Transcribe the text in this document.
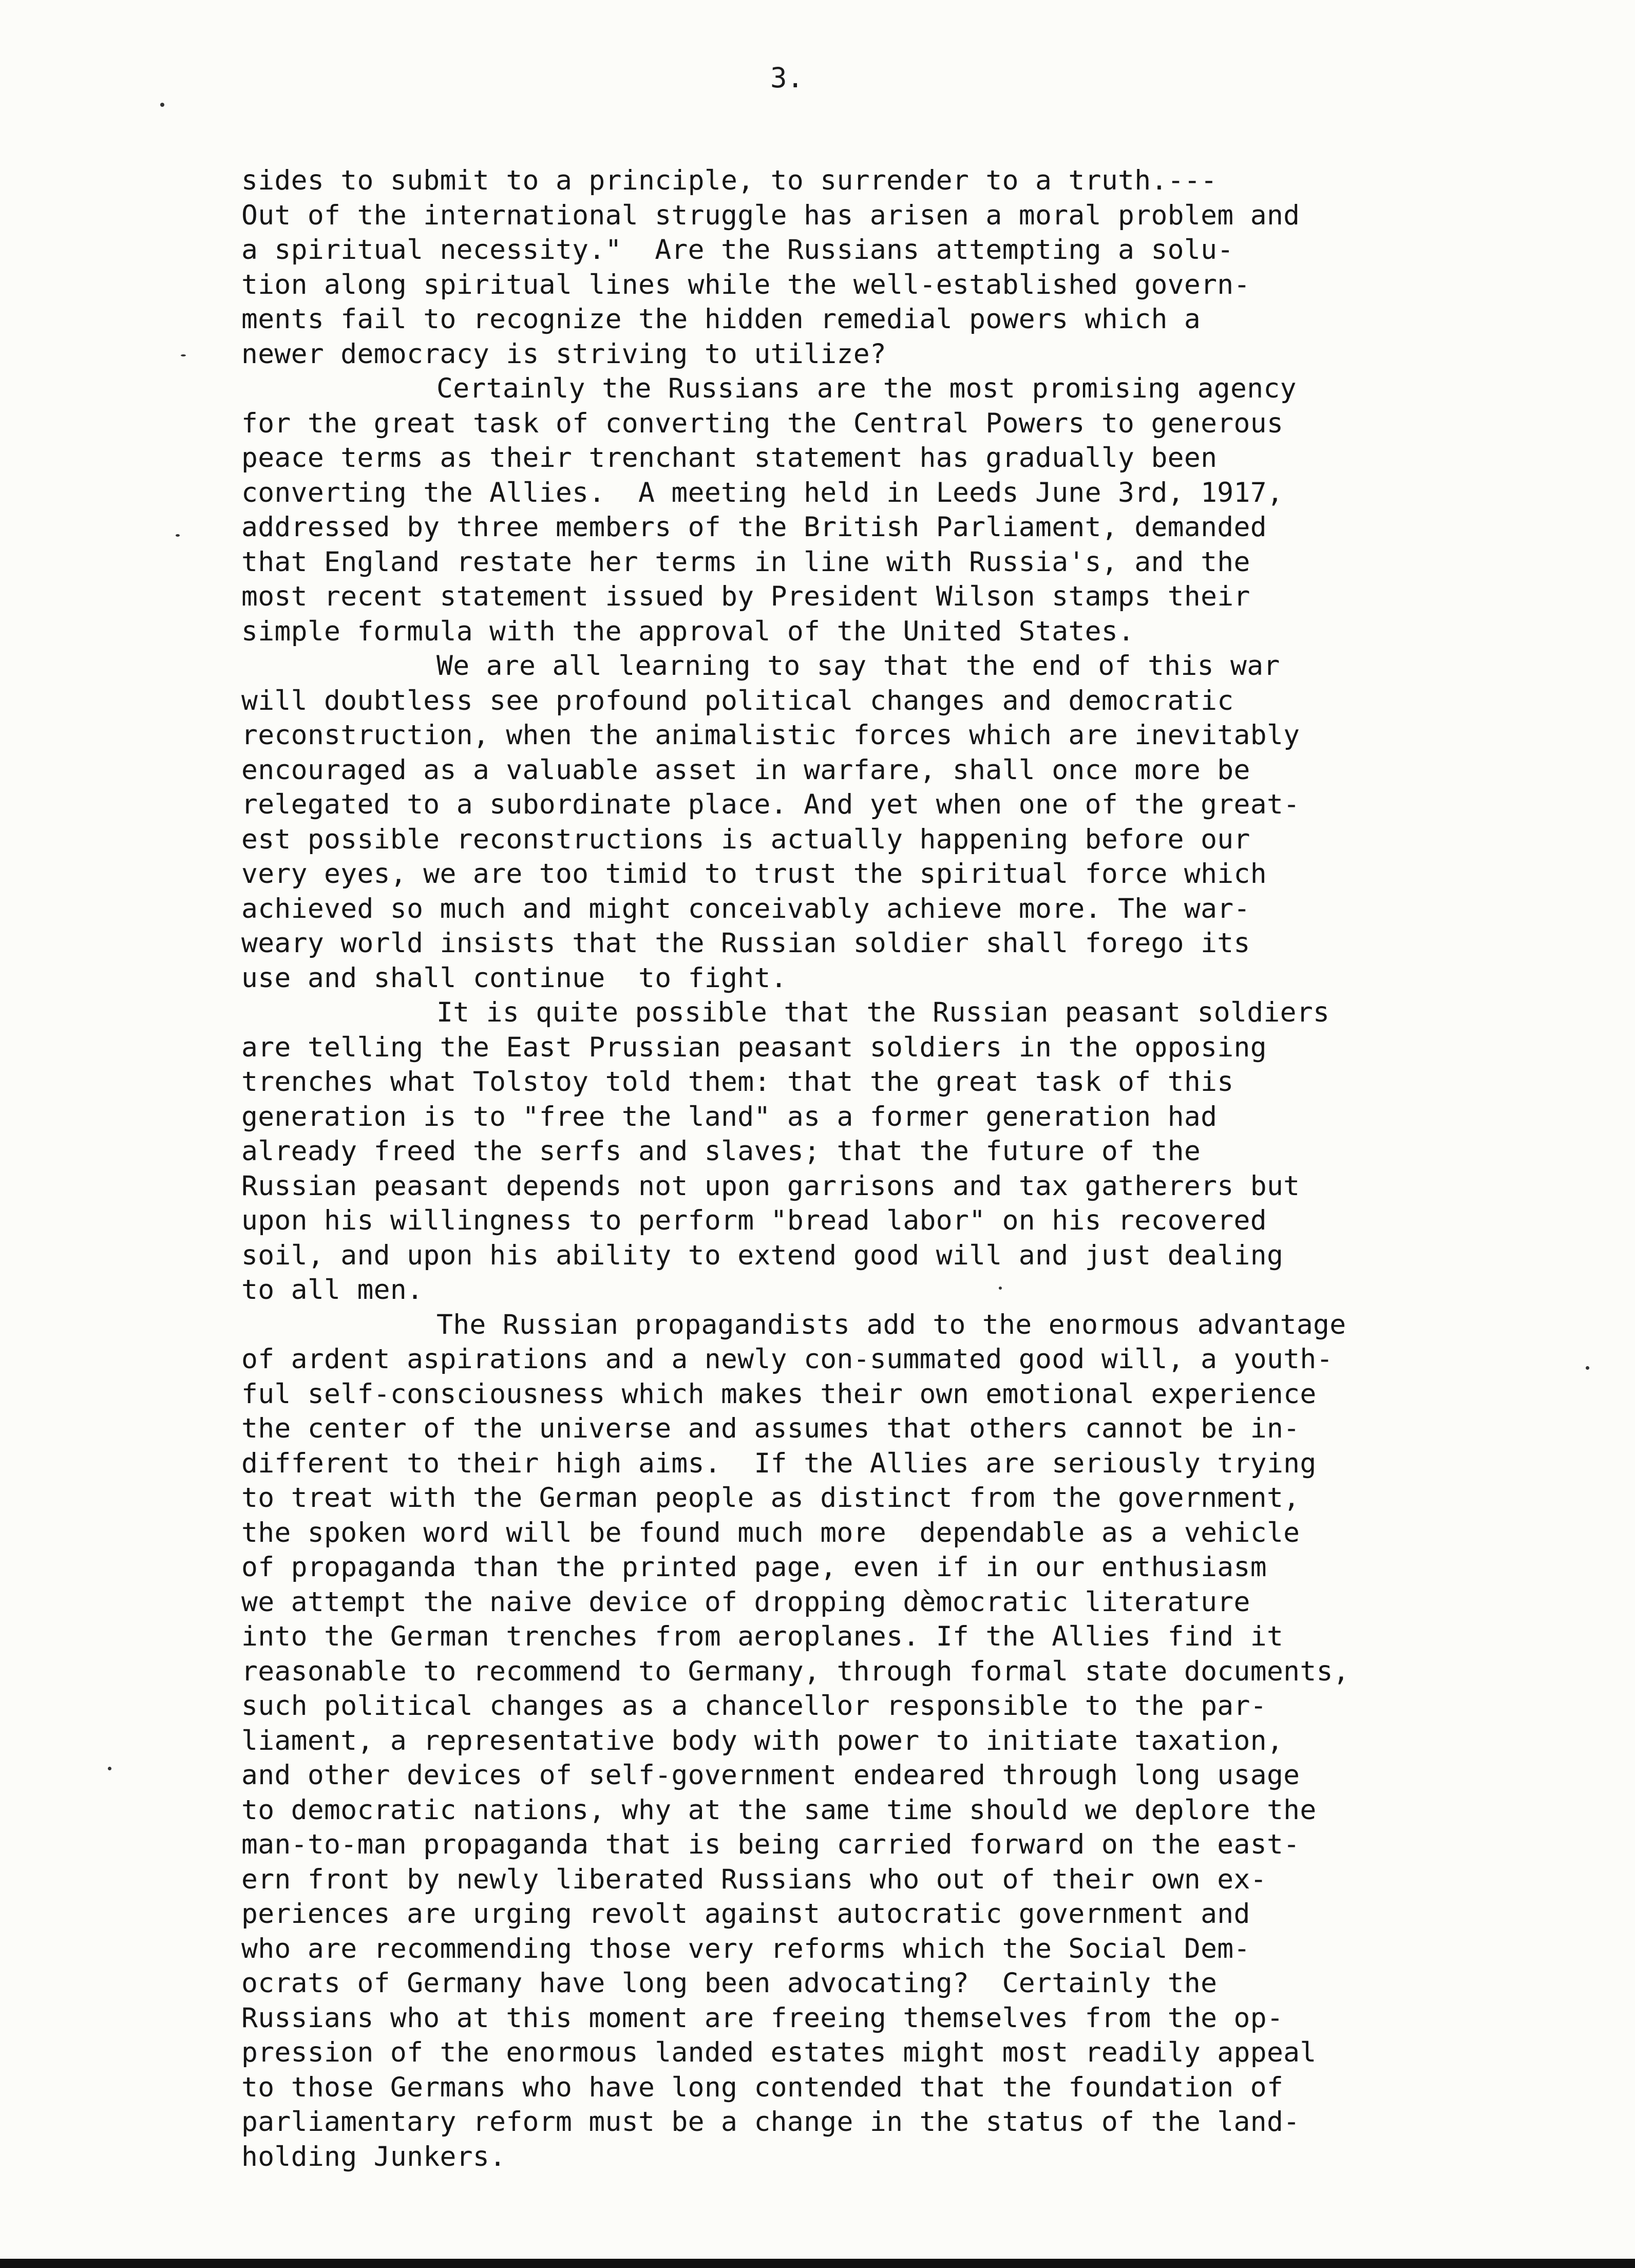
3.
sides to submit to a principle, to surrender to a truth.---
Out of the international struggle has arisen a moral problem and
a spiritual necessity."  Are the Russians attempting a solu-
tion along spiritual lines while the well-established govern-
ments fail to recognize the hidden remedial powers which a
newer democracy is striving to utilize?
Certainly the Russians are the most promising agency
for the great task of converting the Central Powers to generous
peace terms as their trenchant statement has gradually been
converting the Allies.  A meeting held in Leeds June 3rd, 1917,
addressed by three members of the British Parliament, demanded
that England restate her terms in line with Russia's, and the
most recent statement issued by President Wilson stamps their
simple formula with the approval of the United States.
We are all learning to say that the end of this war
will doubtless see profound political changes and democratic
reconstruction, when the animalistic forces which are inevitably
encouraged as a valuable asset in warfare, shall once more be
relegated to a subordinate place. And yet when one of the great-
est possible reconstructions is actually happening before our
very eyes, we are too timid to trust the spiritual force which
achieved so much and might conceivably achieve more. The war-
weary world insists that the Russian soldier shall forego its
use and shall continue  to fight.
It is quite possible that the Russian peasant soldiers
are telling the East Prussian peasant soldiers in the opposing
trenches what Tolstoy told them: that the great task of this
generation is to "free the land" as a former generation had
already freed the serfs and slaves; that the future of the
Russian peasant depends not upon garrisons and tax gatherers but
upon his willingness to perform "bread labor" on his recovered
soil, and upon his ability to extend good will and just dealing
to all men.
The Russian propagandists add to the enormous advantage
of ardent aspirations and a newly con-summated good will, a youth-
ful self-consciousness which makes their own emotional experience
the center of the universe and assumes that others cannot be in-
different to their high aims.  If the Allies are seriously trying
to treat with the German people as distinct from the government,
the spoken word will be found much more  dependable as a vehicle
of propaganda than the printed page, even if in our enthusiasm
we attempt the naive device of dropping dèmocratic literature
into the German trenches from aeroplanes. If the Allies find it
reasonable to recommend to Germany, through formal state documents,
such political changes as a chancellor responsible to the par-
liament, a representative body with power to initiate taxation,
and other devices of self-government endeared through long usage
to democratic nations, why at the same time should we deplore the
man-to-man propaganda that is being carried forward on the east-
ern front by newly liberated Russians who out of their own ex-
periences are urging revolt against autocratic government and
who are recommending those very reforms which the Social Dem-
ocrats of Germany have long been advocating?  Certainly the
Russians who at this moment are freeing themselves from the op-
pression of the enormous landed estates might most readily appeal
to those Germans who have long contended that the foundation of
parliamentary reform must be a change in the status of the land-
holding Junkers.
